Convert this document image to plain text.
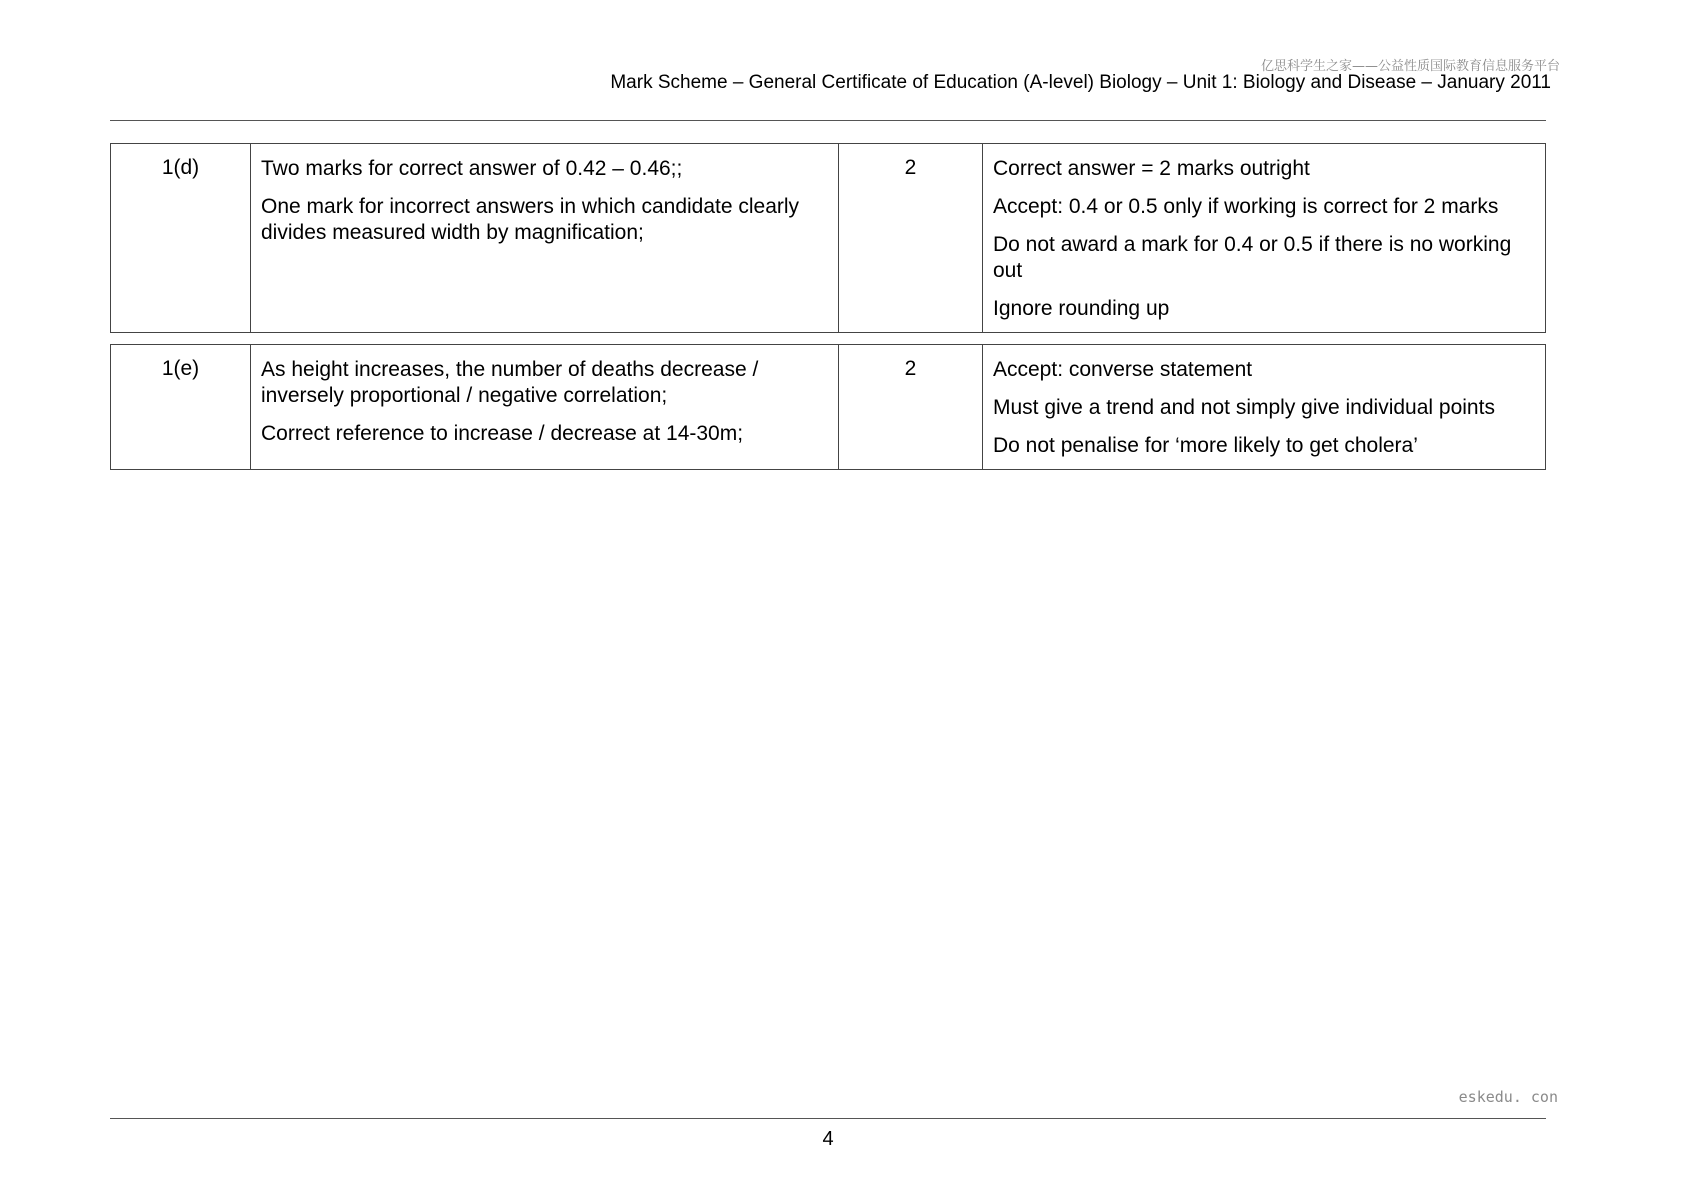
亿思科学生之家——公益性质国际教育信息服务平台
Mark Scheme – General Certificate of Education (A-level) Biology – Unit 1: Biology and Disease – January 2011
1(d)	Two marks for correct answer of 0.42 – 0.46;;

One mark for incorrect answers in which candidate clearly divides measured width by magnification;

	2	Correct answer = 2 marks outright

Accept: 0.4 or 0.5 only if working is correct for 2 marks

Do not award a mark for 0.4 or 0.5 if there is no working out

Ignore rounding up

1(e)	As height increases, the number of deaths decrease / inversely proportional / negative correlation;

Correct reference to increase / decrease at 14-30m;

	2	Accept: converse statement

Must give a trend and not simply give individual points

Do not penalise for ‘more likely to get cholera’

eskedu. con
4
